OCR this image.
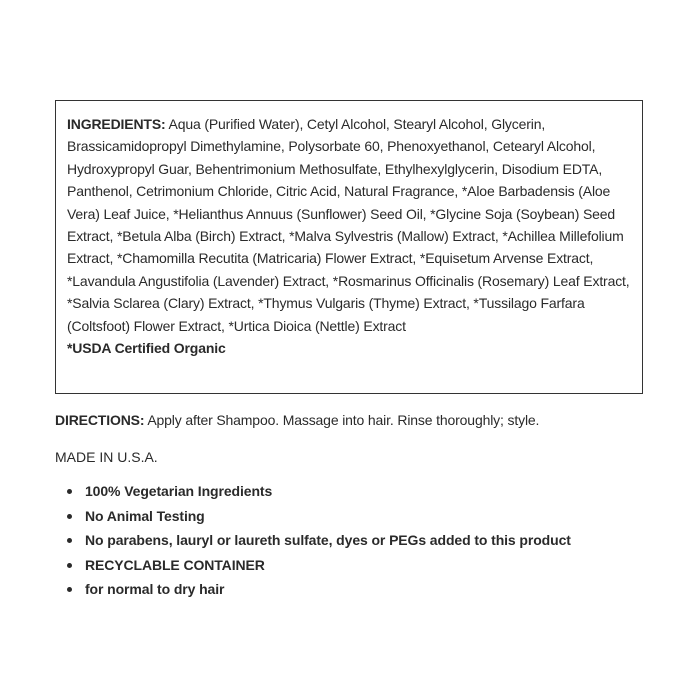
INGREDIENTS: Aqua (Purified Water), Cetyl Alcohol, Stearyl Alcohol, Glycerin, Brassicamidopropyl Dimethylamine, Polysorbate 60, Phenoxyethanol, Cetearyl Alcohol, Hydroxypropyl Guar, Behentrimonium Methosulfate, Ethylhexylglycerin, Disodium EDTA, Panthenol, Cetrimonium Chloride, Citric Acid, Natural Fragrance, *Aloe Barbadensis (Aloe Vera) Leaf Juice, *Helianthus Annuus (Sunflower) Seed Oil, *Glycine Soja (Soybean) Seed Extract, *Betula Alba (Birch) Extract, *Malva Sylvestris (Mallow) Extract, *Achillea Millefolium Extract, *Chamomilla Recutita (Matricaria) Flower Extract, *Equisetum Arvense Extract, *Lavandula Angustifolia (Lavender) Extract, *Rosmarinus Officinalis (Rosemary) Leaf Extract, *Salvia Sclarea (Clary) Extract, *Thymus Vulgaris (Thyme) Extract, *Tussilago Farfara (Coltsfoot) Flower Extract, *Urtica Dioica (Nettle) Extract

*USDA Certified Organic

DIRECTIONS: Apply after Shampoo. Massage into hair. Rinse thoroughly; style.

MADE IN U.S.A.

100% Vegetarian Ingredients
No Animal Testing
No parabens, lauryl or laureth sulfate, dyes or PEGs added to this product
RECYCLABLE CONTAINER
for normal to dry hair
